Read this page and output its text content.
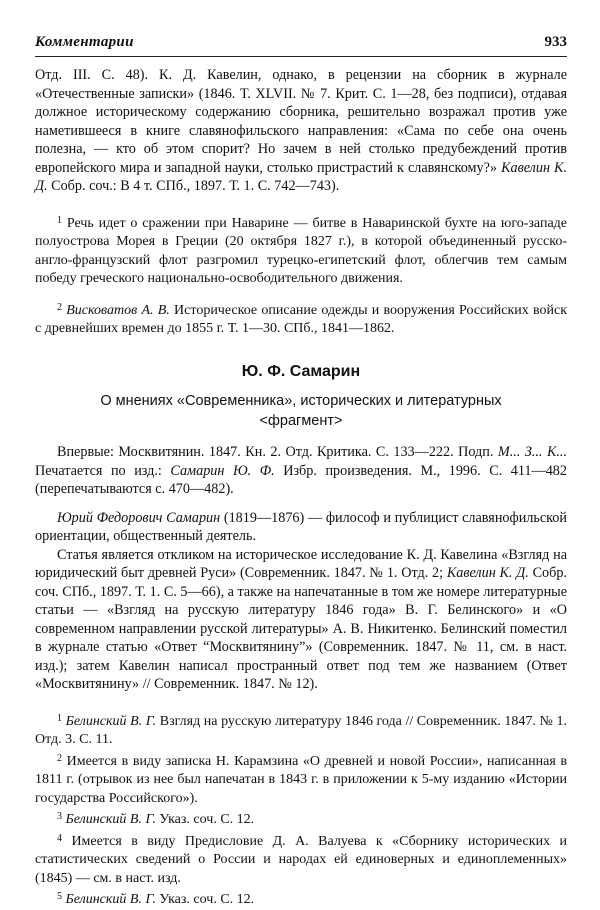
Комментарии	933

Отд. III. С. 48). К. Д. Кавелин, однако, в рецензии на сборник в журнале «Отечественные записки» (1846. Т. XLVII. № 7. Крит. С. 1—28, без подписи), отдавая должное историческому содержанию сборника, решительно возражал против уже наметившееся в книге славянофильского направления: «Сама по себе она очень полезна, — кто об этом спорит? Но зачем в ней столько предубеждений против европейского мира и западной науки, столько пристрастий к славянскому?» Кавелин К. Д. Собр. соч.: В 4 т. СПб., 1897. Т. 1. С. 742—743).

$^1$ Речь идет о сражении при Наварине — битве в Наваринской бухте на юго-западе полуострова Морея в Греции (20 октября 1827 г.), в которой объединенный русско-англо-французский флот разгромил турецко-египетский флот, облегчив тем самым победу греческого национально-освободительного движения.

$^2$ Висковатов А. В. Историческое описание одежды и вооружения Российских войск с древнейших времен до 1855 г. Т. 1—30. СПб., 1841—1862.

Ю. Ф. Самарин

О мнениях «Современника», исторических и литературных
<фрагмент>

Впервые: Москвитянин. 1847. Кн. 2. Отд. Критика. С. 133—222. Подп. М... З... К... Печатается по изд.: Самарин Ю. Ф. Избр. произведения. М., 1996. С. 411—482 (перепечатываются с. 470—482).

Юрий Федорович Самарин (1819—1876) — философ и публицист славянофильской ориентации, общественный деятель.

Статья является откликом на историческое исследование К. Д. Кавелина «Взгляд на юридический быт древней Руси» (Современник. 1847. № 1. Отд. 2; Кавелин К. Д. Собр. соч. СПб., 1897. Т. 1. С. 5—66), а также на напечатанные в том же номере литературные статьи — «Взгляд на русскую литературу 1846 года» В. Г. Белинского» и «О современном направлении русской литературы» А. В. Никитенко. Белинский поместил в журнале статью «Ответ “Москвитянину”» (Современник. 1847. № 11, см. в наст. изд.); затем Кавелин написал пространный ответ под тем же названием (Ответ «Москвитянину» // Современник. 1847. № 12).

$^1$ Белинский В. Г. Взгляд на русскую литературу 1846 года // Современник. 1847. № 1. Отд. 3. С. 11.

$^2$ Имеется в виду записка Н. Карамзина «О древней и новой России», написанная в 1811 г. (отрывок из нее был напечатан в 1843 г. в приложении к 5-му изданию «Истории государства Российского»).

$^3$ Белинский В. Г. Указ. соч. С. 12.

$^4$ Имеется в виду Предисловие Д. А. Валуева к «Сборнику исторических и статистических сведений о России и народах ей единоверных и единоплеменных» (1845) — см. в наст. изд.

$^5$ Белинский В. Г. Указ. соч. С. 12.
